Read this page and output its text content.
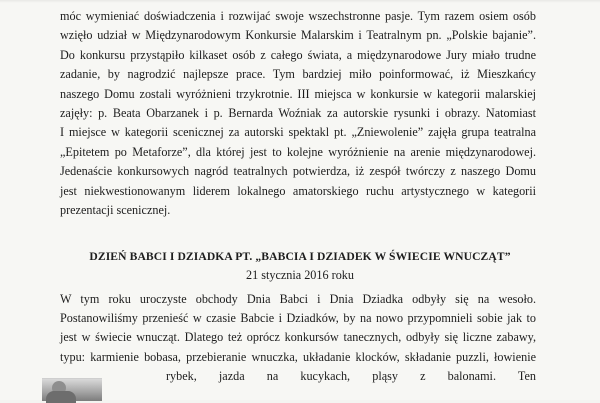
móc wymieniać doświadczenia i rozwijać swoje wszechstronne pasje. Tym razem osiem osób
wzięło udział w Międzynarodowym Konkursie Malarskim i Teatralnym pn. „Polskie bajanie”.
Do konkursu przystąpiło kilkaset osób z całego świata, a międzynarodowe Jury miało trudne
zadanie, by nagrodzić najlepsze prace. Tym bardziej miło poinformować, iż Mieszkańcy
naszego Domu zostali wyróżnieni trzykrotnie. III miejsca w konkursie w kategorii malarskiej
zajęły: p. Beata Obarzanek i p. Bernarda Woźniak za autorskie rysunki i obrazy. Natomiast
I miejsce w kategorii scenicznej za autorski spektakl pt. „Zniewolenie” zajęła grupa teatralna
„Epitetem po Metaforze”, dla której jest to kolejne wyróżnienie na arenie międzynarodowej.
Jedenaście konkursowych nagród teatralnych potwierdza, iż zespół twórczy z naszego Domu
jest niekwestionowanym liderem lokalnego amatorskiego ruchu artystycznego w kategorii
prezentacji scenicznej.
DZIEŃ BABCI I DZIADKA PT. „BABCIA I DZIADEK W ŚWIECIE WNUCZĄT”
21 stycznia 2016 roku
W tym roku uroczyste obchody Dnia Babci i Dnia Dziadka odbyły się na wesoło.
Postanowiliśmy przenieść w czasie Babcie i Dziadków, by na nowo przypomnieli sobie jak to
jest w świecie wnucząt. Dlatego też oprócz konkursów tanecznych, odbyły się liczne zabawy,
typu: karmienie bobasa, przebieranie wnuczka, układanie klocków, składanie puzzli, łowienie
rybek, jazda na kucykach, pląsy z balonami. Ten
